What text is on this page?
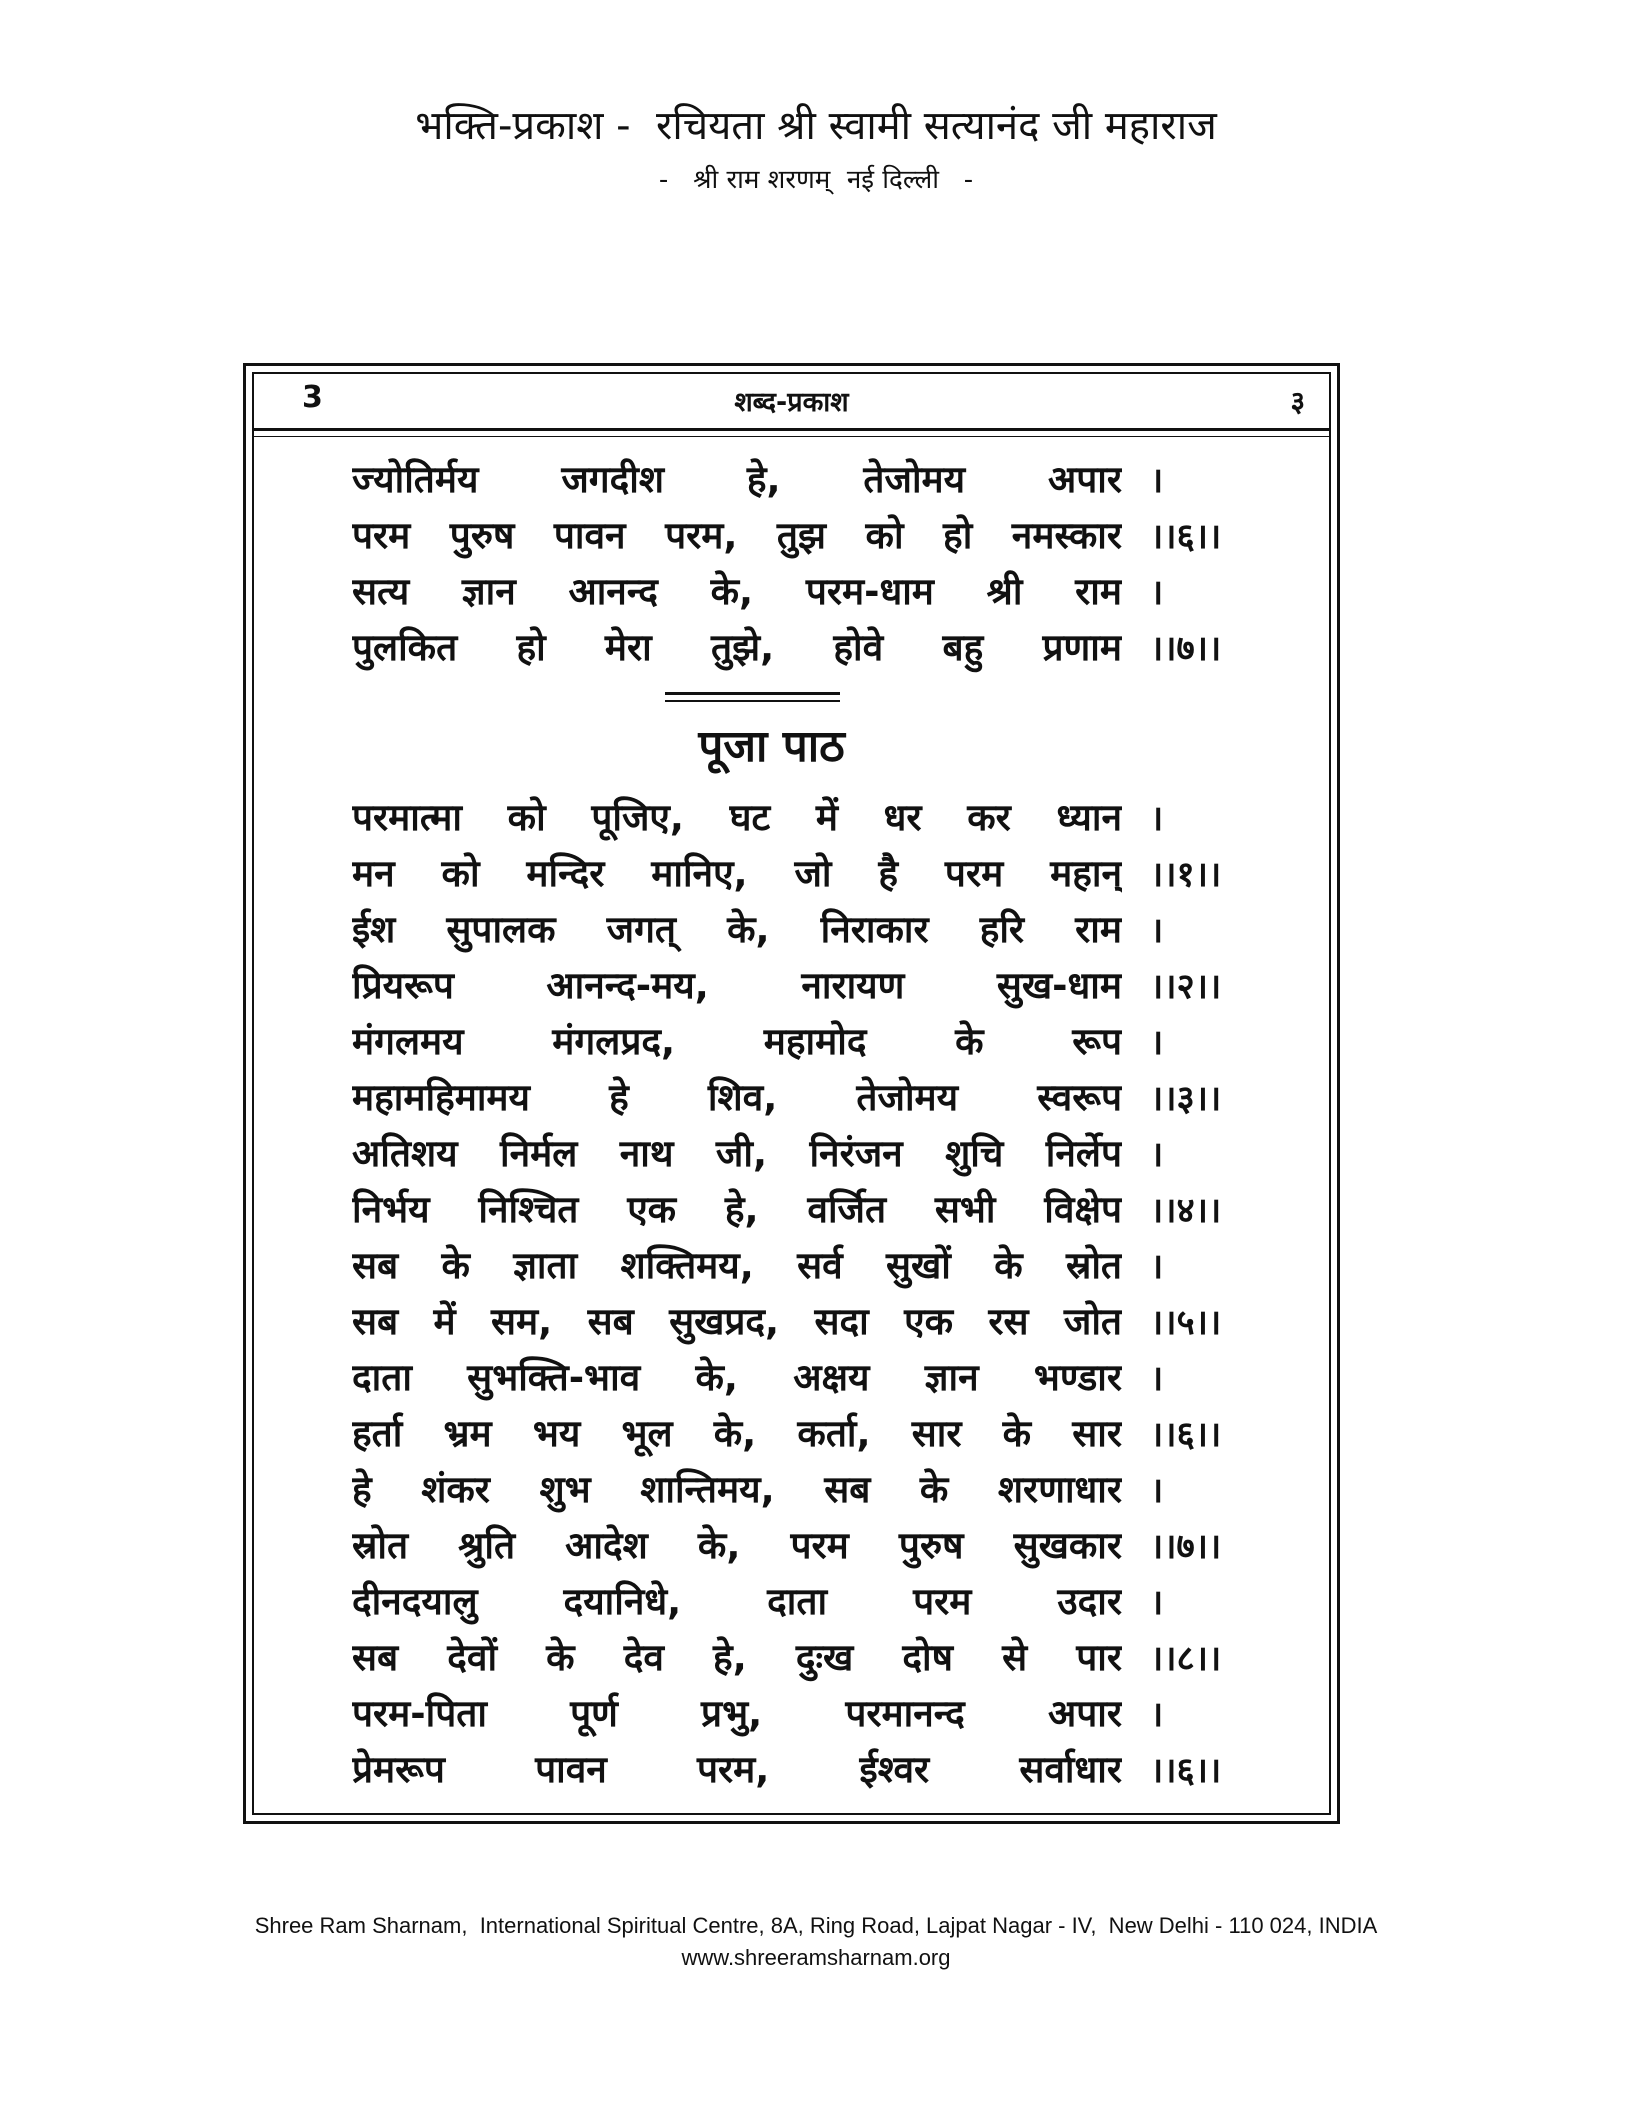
भक्ति-प्रकाश -  रचियता श्री स्वामी सत्यानंद जी महाराज
-   श्री राम शरणम्  नई दिल्ली   -
3	शब्द-प्रकाश	३
ज्योतिर्मय जगदीश हे, तेजोमय अपार ।
परम पुरुष पावन परम, तुझ को हो नमस्कार ।।६।।
सत्य ज्ञान आनन्द के, परम-धाम श्री राम ।
पुलकित हो मेरा तुझे, होवे बहु प्रणाम ।।७।।
पूजा पाठ
परमात्मा को पूजिए, घट में धर कर ध्यान ।
मन को मन्दिर मानिए, जो है परम महान् ।।१।।
ईश सुपालक जगत् के, निराकार हरि राम ।
प्रियरूप आनन्द-मय, नारायण सुख-धाम ।।२।।
मंगलमय मंगलप्रद, महामोद के रूप ।
महामहिमामय हे शिव, तेजोमय स्वरूप ।।३।।
अतिशय निर्मल नाथ जी, निरंजन शुचि निर्लेप ।
निर्भय निश्चित एक हे, वर्जित सभी विक्षेप ।।४।।
सब के ज्ञाता शक्तिमय, सर्व सुखों के स्रोत ।
सब में सम, सब सुखप्रद, सदा एक रस जोत ।।५।।
दाता सुभक्ति-भाव के, अक्षय ज्ञान भण्डार ।
हर्ता भ्रम भय भूल के, कर्ता, सार के सार ।।६।।
हे शंकर शुभ शान्तिमय, सब के शरणाधार ।
स्रोत श्रुति आदेश के, परम पुरुष सुखकार ।।७।।
दीनदयालु दयानिधे, दाता परम उदार ।
सब देवों के देव हे, दुःख दोष से पार ।।८।।
परम-पिता पूर्ण प्रभु, परमानन्द अपार ।
प्रेमरूप पावन परम, ईश्वर सर्वाधार ।।६।।
Shree Ram Sharnam,  International Spiritual Centre, 8A, Ring Road, Lajpat Nagar - IV,  New Delhi - 110 024, INDIA
www.shreeramsharnam.org
